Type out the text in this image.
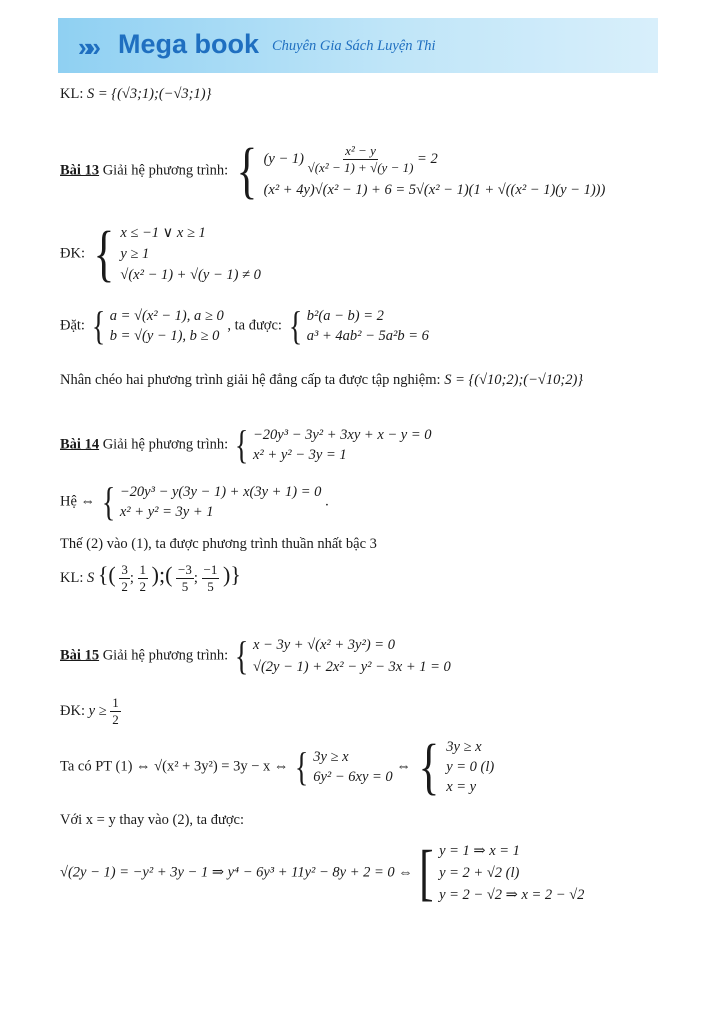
»» Mega book Chuyên Gia Sách Luyện Thi
KL: S = {(√3;1);(−√3;1)}
Bài 13 Giải hệ phương trình: { $(y - 1) \frac{\text{x² − y}}{\text{√(x² − 1) + √(y − 1)}} = 2$
(x² + 4y)√(x² − 1) + 6 = 5√(x² − 1)(1 + √((x² − 1)(y − 1)))
ĐK: { x ≤ −1 ∨ x ≥ 1
y ≥ 1
√(x² − 1) + √(y − 1) ≠ 0
Đặt: { a = √(x² − 1), a ≥ 0
b = √(y − 1), b ≥ 0
, ta được: { b²(a − b) = 2
a³ + 4ab² − 5a²b = 6
Nhân chéo hai phương trình giải hệ đẳng cấp ta được tập nghiệm: S = {(√10;2);(−√10;2)}
Bài 14 Giải hệ phương trình: { −20y³ − 3y² + 3xy + x − y = 0
x² + y² − 3y = 1
Hệ ⇔ { −20y³ − y(3y − 1) + x(3y + 1) = 0
x² + y² = 3y + 1
.
Thế (2) vào (1), ta được phương trình thuần nhất bậc 3
KL: S {( $\frac{3}{2}$ ; $\frac{1}{2}$ );( $\frac{-3}{5}$ ; $\frac{-1}{5}$ )}
Bài 15 Giải hệ phương trình: { x − 3y + √(x² + 3y²) = 0
√(2y − 1) + 2x² − y² − 3x + 1 = 0
ĐK: $y \ge \frac{1}{2}$
Ta có PT (1) ⇔ √(x² + 3y²) = 3y − x ⇔ { 3y ≥ x
6y² − 6xy = 0
⇔ { 3y ≥ x
y = 0 (l)
x = y
Với x = y thay vào (2), ta được:
√(2y − 1) = −y² + 3y − 1 ⇒ y⁴ − 6y³ + 11y² − 8y + 2 = 0 ⇔ [ y = 1 ⇒ x = 1
y = 2 + √2 (l)
y = 2 − √2 ⇒ x = 2 − √2
